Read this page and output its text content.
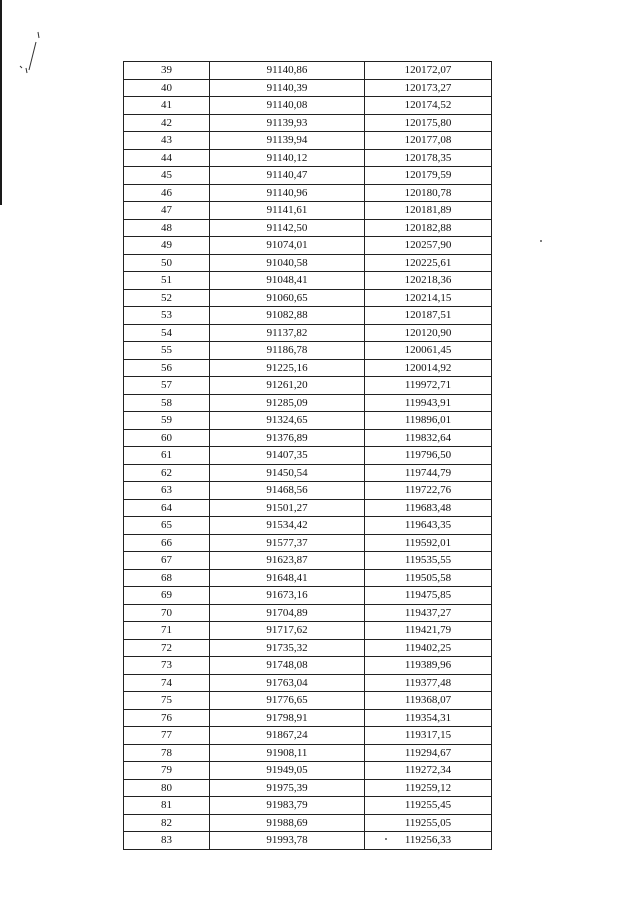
39	91140,86	120172,07
40	91140,39	120173,27
41	91140,08	120174,52
42	91139,93	120175,80
43	91139,94	120177,08
44	91140,12	120178,35
45	91140,47	120179,59
46	91140,96	120180,78
47	91141,61	120181,89
48	91142,50	120182,88
49	91074,01	120257,90
50	91040,58	120225,61
51	91048,41	120218,36
52	91060,65	120214,15
53	91082,88	120187,51
54	91137,82	120120,90
55	91186,78	120061,45
56	91225,16	120014,92
57	91261,20	119972,71
58	91285,09	119943,91
59	91324,65	119896,01
60	91376,89	119832,64
61	91407,35	119796,50
62	91450,54	119744,79
63	91468,56	119722,76
64	91501,27	119683,48
65	91534,42	119643,35
66	91577,37	119592,01
67	91623,87	119535,55
68	91648,41	119505,58
69	91673,16	119475,85
70	91704,89	119437,27
71	91717,62	119421,79
72	91735,32	119402,25
73	91748,08	119389,96
74	91763,04	119377,48
75	91776,65	119368,07
76	91798,91	119354,31
77	91867,24	119317,15
78	91908,11	119294,67
79	91949,05	119272,34
80	91975,39	119259,12
81	91983,79	119255,45
82	91988,69	119255,05
83	91993,78	119256,33
